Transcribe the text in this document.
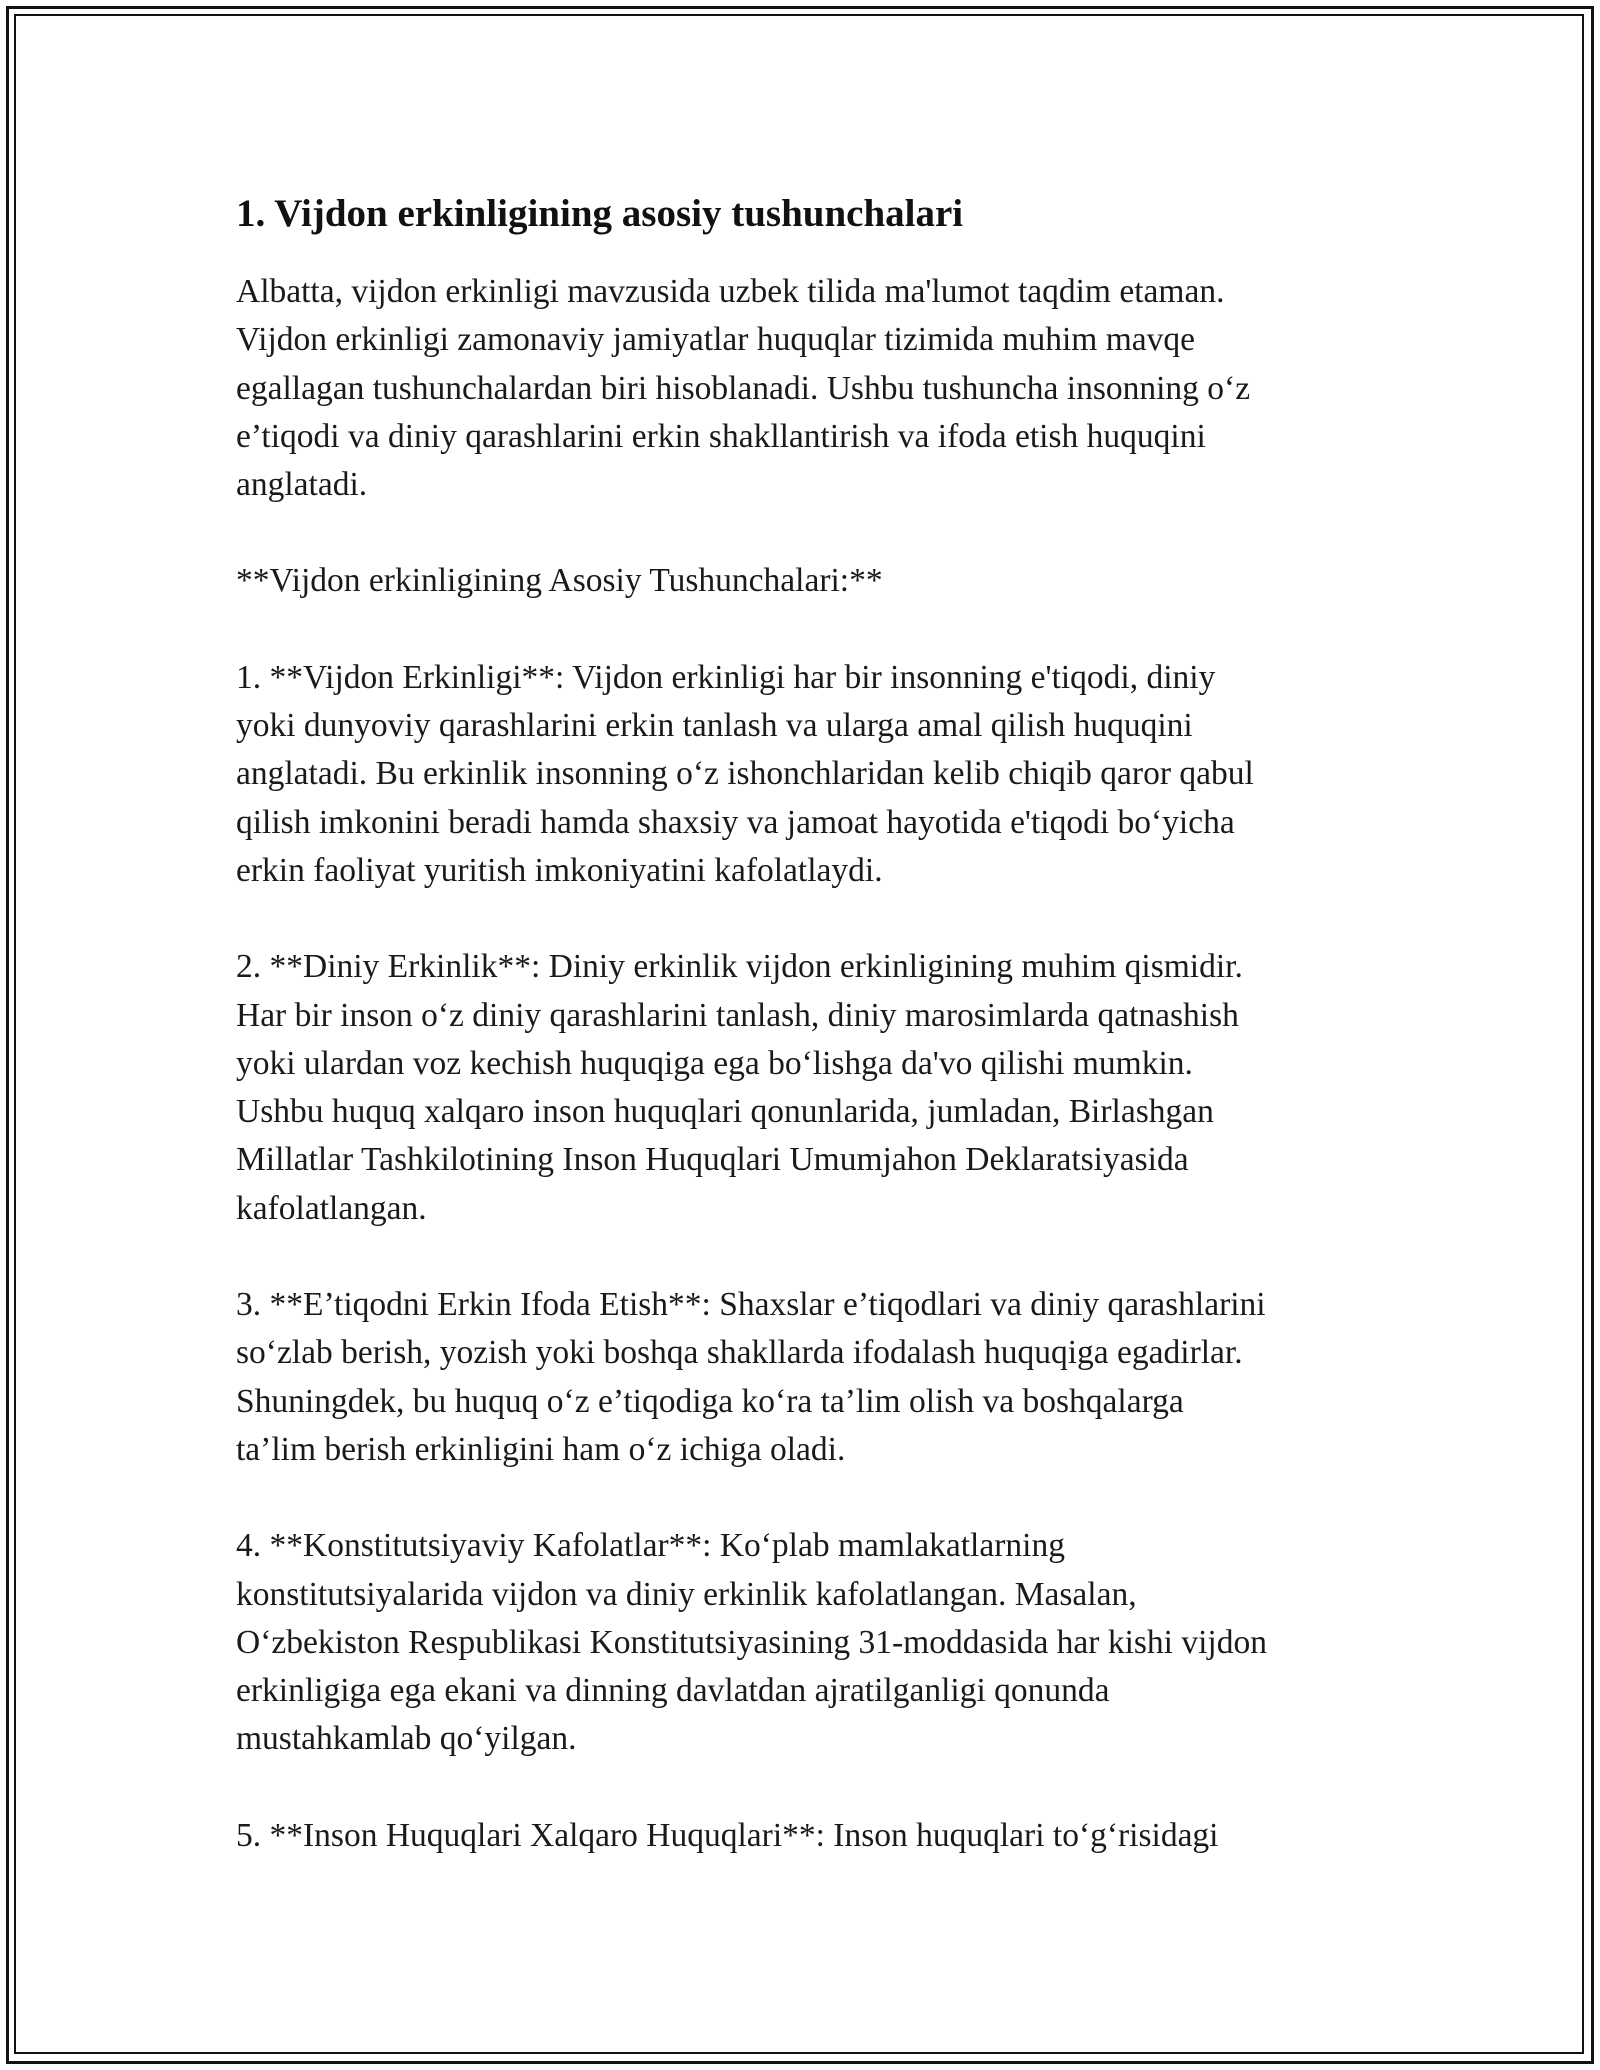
1. Vijdon erkinligining asosiy tushunchalari

Albatta, vijdon erkinligi mavzusida uzbek tilida ma'lumot taqdim etaman.
Vijdon erkinligi zamonaviy jamiyatlar huquqlar tizimida muhim mavqe
egallagan tushunchalardan biri hisoblanadi. Ushbu tushuncha insonning o‘z
e’tiqodi va diniy qarashlarini erkin shakllantirish va ifoda etish huquqini
anglatadi.

**Vijdon erkinligining Asosiy Tushunchalari:**

1. **Vijdon Erkinligi**: Vijdon erkinligi har bir insonning e'tiqodi, diniy
yoki dunyoviy qarashlarini erkin tanlash va ularga amal qilish huquqini
anglatadi. Bu erkinlik insonning o‘z ishonchlaridan kelib chiqib qaror qabul
qilish imkonini beradi hamda shaxsiy va jamoat hayotida e'tiqodi bo‘yicha
erkin faoliyat yuritish imkoniyatini kafolatlaydi.

2. **Diniy Erkinlik**: Diniy erkinlik vijdon erkinligining muhim qismidir.
Har bir inson o‘z diniy qarashlarini tanlash, diniy marosimlarda qatnashish
yoki ulardan voz kechish huquqiga ega bo‘lishga da'vo qilishi mumkin.
Ushbu huquq xalqaro inson huquqlari qonunlarida, jumladan, Birlashgan
Millatlar Tashkilotining Inson Huquqlari Umumjahon Deklaratsiyasida
kafolatlangan.

3. **E’tiqodni Erkin Ifoda Etish**: Shaxslar e’tiqodlari va diniy qarashlarini
so‘zlab berish, yozish yoki boshqa shakllarda ifodalash huquqiga egadirlar.
Shuningdek, bu huquq o‘z e’tiqodiga ko‘ra ta’lim olish va boshqalarga
ta’lim berish erkinligini ham o‘z ichiga oladi.

4. **Konstitutsiyaviy Kafolatlar**: Ko‘plab mamlakatlarning
konstitutsiyalarida vijdon va diniy erkinlik kafolatlangan. Masalan,
O‘zbekiston Respublikasi Konstitutsiyasining 31-moddasida har kishi vijdon
erkinligiga ega ekani va dinning davlatdan ajratilganligi qonunda
mustahkamlab qo‘yilgan.

5. **Inson Huquqlari Xalqaro Huquqlari**: Inson huquqlari to‘g‘risidagi
